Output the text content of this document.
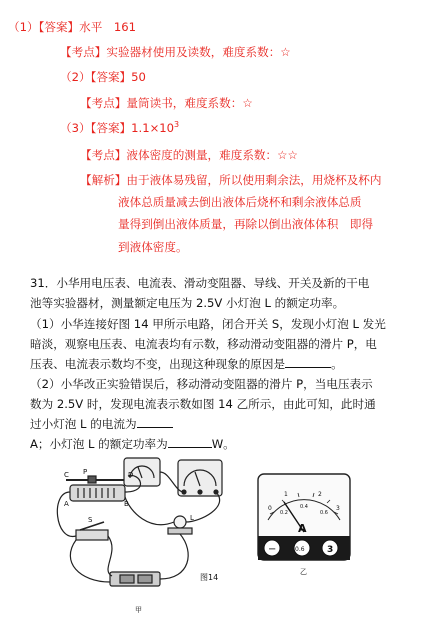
（1）【答案】水平　161
【考点】实验器材使用及读数，难度系数：☆
（2）【答案】50
【考点】量筒读书，难度系数：☆
（3）【答案】$1.1\times 10^3$
【考点】液体密度的测量，难度系数：☆☆
【解析】由于液体易残留，所以使用剩余法，用烧杯及杯内
液体总质量减去倒出液体后烧杯和剩余液体总质
量得到倒出液体质量，再除以倒出液体体积　即得
到液体密度。
31．小华用电压表、电流表、滑动变阻器、导线、开关及新的干电
池等实验器材，测量额定电压为 2.5V 小灯泡 L 的额定功率。
（1）小华连接好图 14 甲所示电路，闭合开关 S，发现小灯泡 L 发光
暗淡，观察电压表、电流表均有示数，移动滑动变阻器的滑片 P，电
压表、电流表示数均不变，出现这种现象的原因是	。
（2）小华改正实验错误后，移动滑动变阻器的滑片 P，当电压表示
数为 2.5V 时，发现电流表示数如图 14 乙所示，由此可知，此时通
过小灯泡 L 的电流为
A；小灯泡 L 的额定功率为	W。
P
C	D
A	B
S	L
甲
0
1	2
3
0.2
0.4
0.6
A
−	0.6 3
乙
图14
